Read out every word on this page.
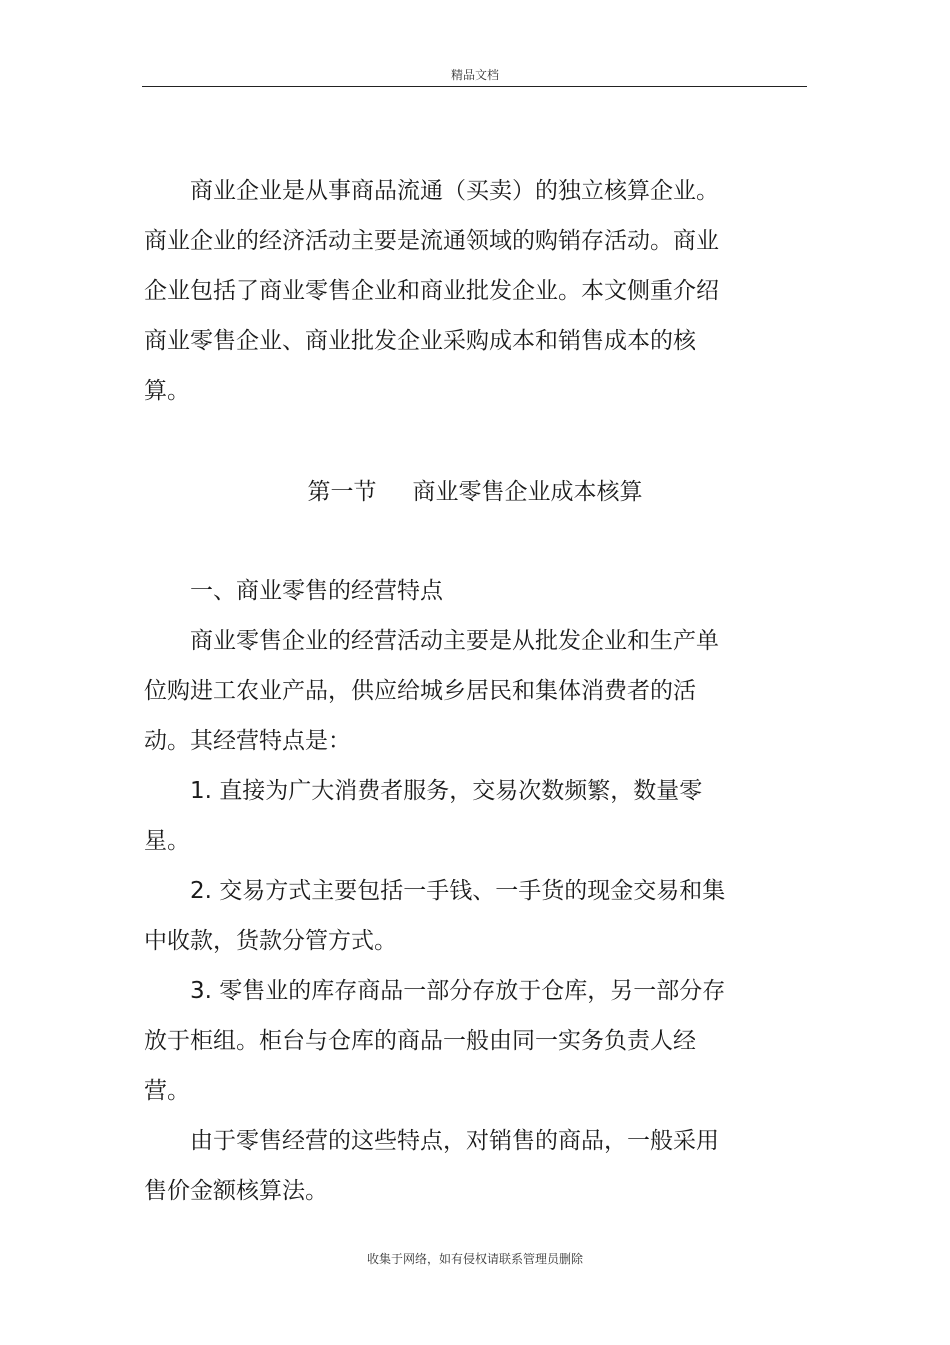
精品文档

商业企业是从事商品流通（买卖）的独立核算企业。商业企业的经济活动主要是流通领域的购销存活动。商业企业包括了商业零售企业和商业批发企业。本文侧重介绍商业零售企业、商业批发企业采购成本和销售成本的核算。

一、商业零售的经营特点

商业零售企业的经营活动主要是从批发企业和生产单位购进工农业产品，供应给城乡居民和集体消费者的活动。其经营特点是：

1. 直接为广大消费者服务，交易次数频繁，数量零星。

2. 交易方式主要包括一手钱、一手货的现金交易和集中收款，货款分管方式。

3. 零售业的库存商品一部分存放于仓库，另一部分存放于柜组。柜台与仓库的商品一般由同一实务负责人经营。

由于零售经营的这些特点，对销售的商品，一般采用售价金额核算法。

第一节 商业零售企业成本核算
收集于网络，如有侵权请联系管理员删除
